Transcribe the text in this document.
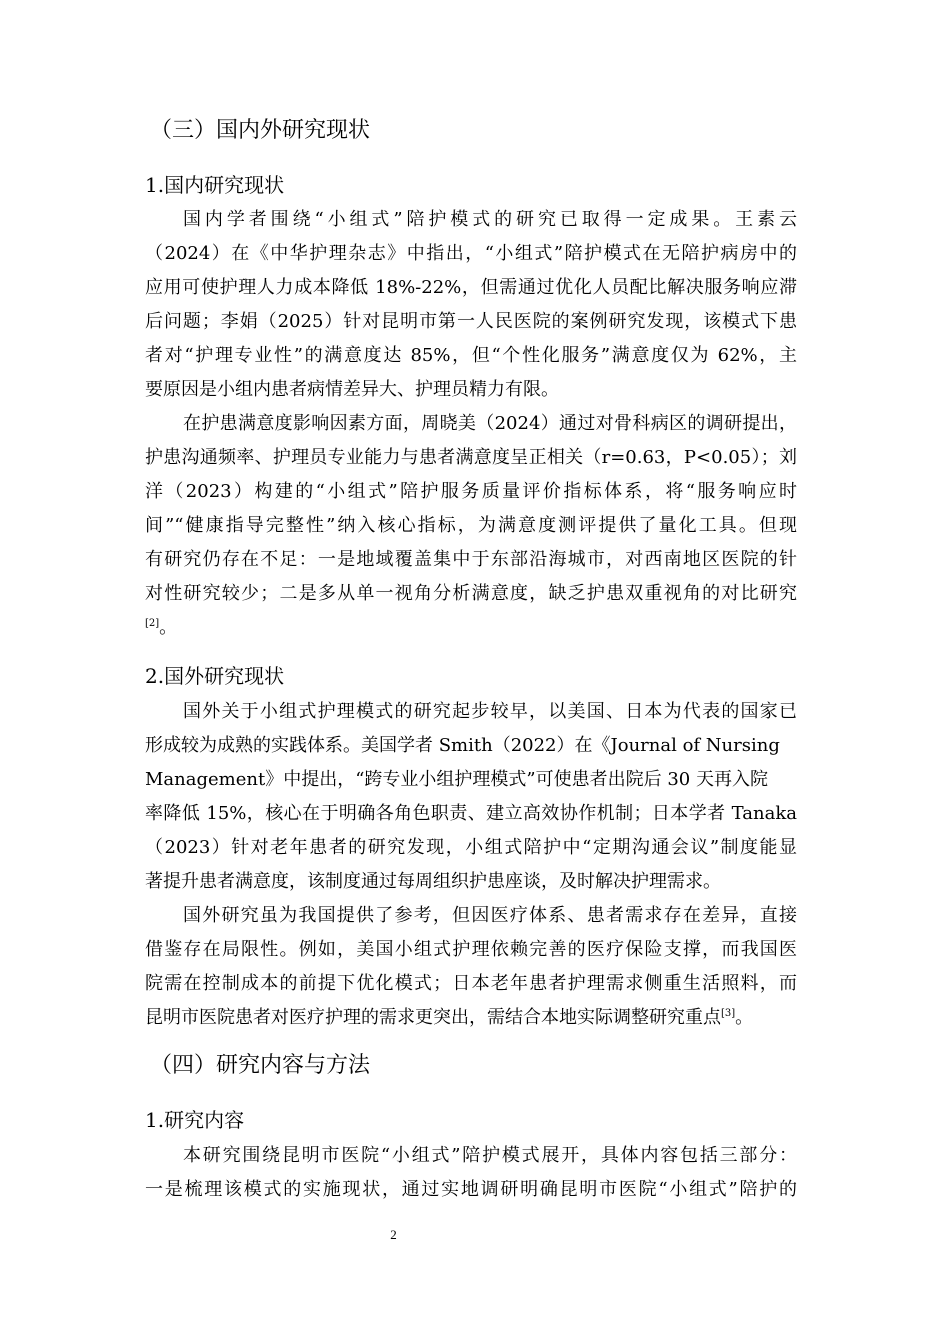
（三）国内外研究现状
1.国内研究现状
国内学者围绕“小组式”陪护模式的研究已取得一定成果。王素云
（2024）在《中华护理杂志》中指出，“小组式”陪护模式在无陪护病房中的
应用可使护理人力成本降低 18%-22%，但需通过优化人员配比解决服务响应滞
后问题；李娟（2025）针对昆明市第一人民医院的案例研究发现，该模式下患
者对“护理专业性”的满意度达 85%，但“个性化服务”满意度仅为 62%，主
要原因是小组内患者病情差异大、护理员精力有限。
在护患满意度影响因素方面，周晓美（2024）通过对骨科病区的调研提出，
护患沟通频率、护理员专业能力与患者满意度呈正相关（r=0.63，P<0.05）；刘
洋（2023）构建的“小组式”陪护服务质量评价指标体系，将“服务响应时
间”“健康指导完整性”纳入核心指标，为满意度测评提供了量化工具。但现
有研究仍存在不足：一是地域覆盖集中于东部沿海城市，对西南地区医院的针
对性研究较少；二是多从单一视角分析满意度，缺乏护患双重视角的对比研究
[2]。
2.国外研究现状
国外关于小组式护理模式的研究起步较早，以美国、日本为代表的国家已
形成较为成熟的实践体系。美国学者 Smith（2022）在《Journal of Nursing
Management》中提出，“跨专业小组护理模式”可使患者出院后 30 天再入院
率降低 15%，核心在于明确各角色职责、建立高效协作机制；日本学者 Tanaka
（2023）针对老年患者的研究发现，小组式陪护中“定期沟通会议”制度能显
著提升患者满意度，该制度通过每周组织护患座谈，及时解决护理需求。
国外研究虽为我国提供了参考，但因医疗体系、患者需求存在差异，直接
借鉴存在局限性。例如，美国小组式护理依赖完善的医疗保险支撑，而我国医
院需在控制成本的前提下优化模式；日本老年患者护理需求侧重生活照料，而
昆明市医院患者对医疗护理的需求更突出，需结合本地实际调整研究重点[3]。
（四）研究内容与方法
1.研究内容
本研究围绕昆明市医院“小组式”陪护模式展开，具体内容包括三部分：
一是梳理该模式的实施现状，通过实地调研明确昆明市医院“小组式”陪护的
2
